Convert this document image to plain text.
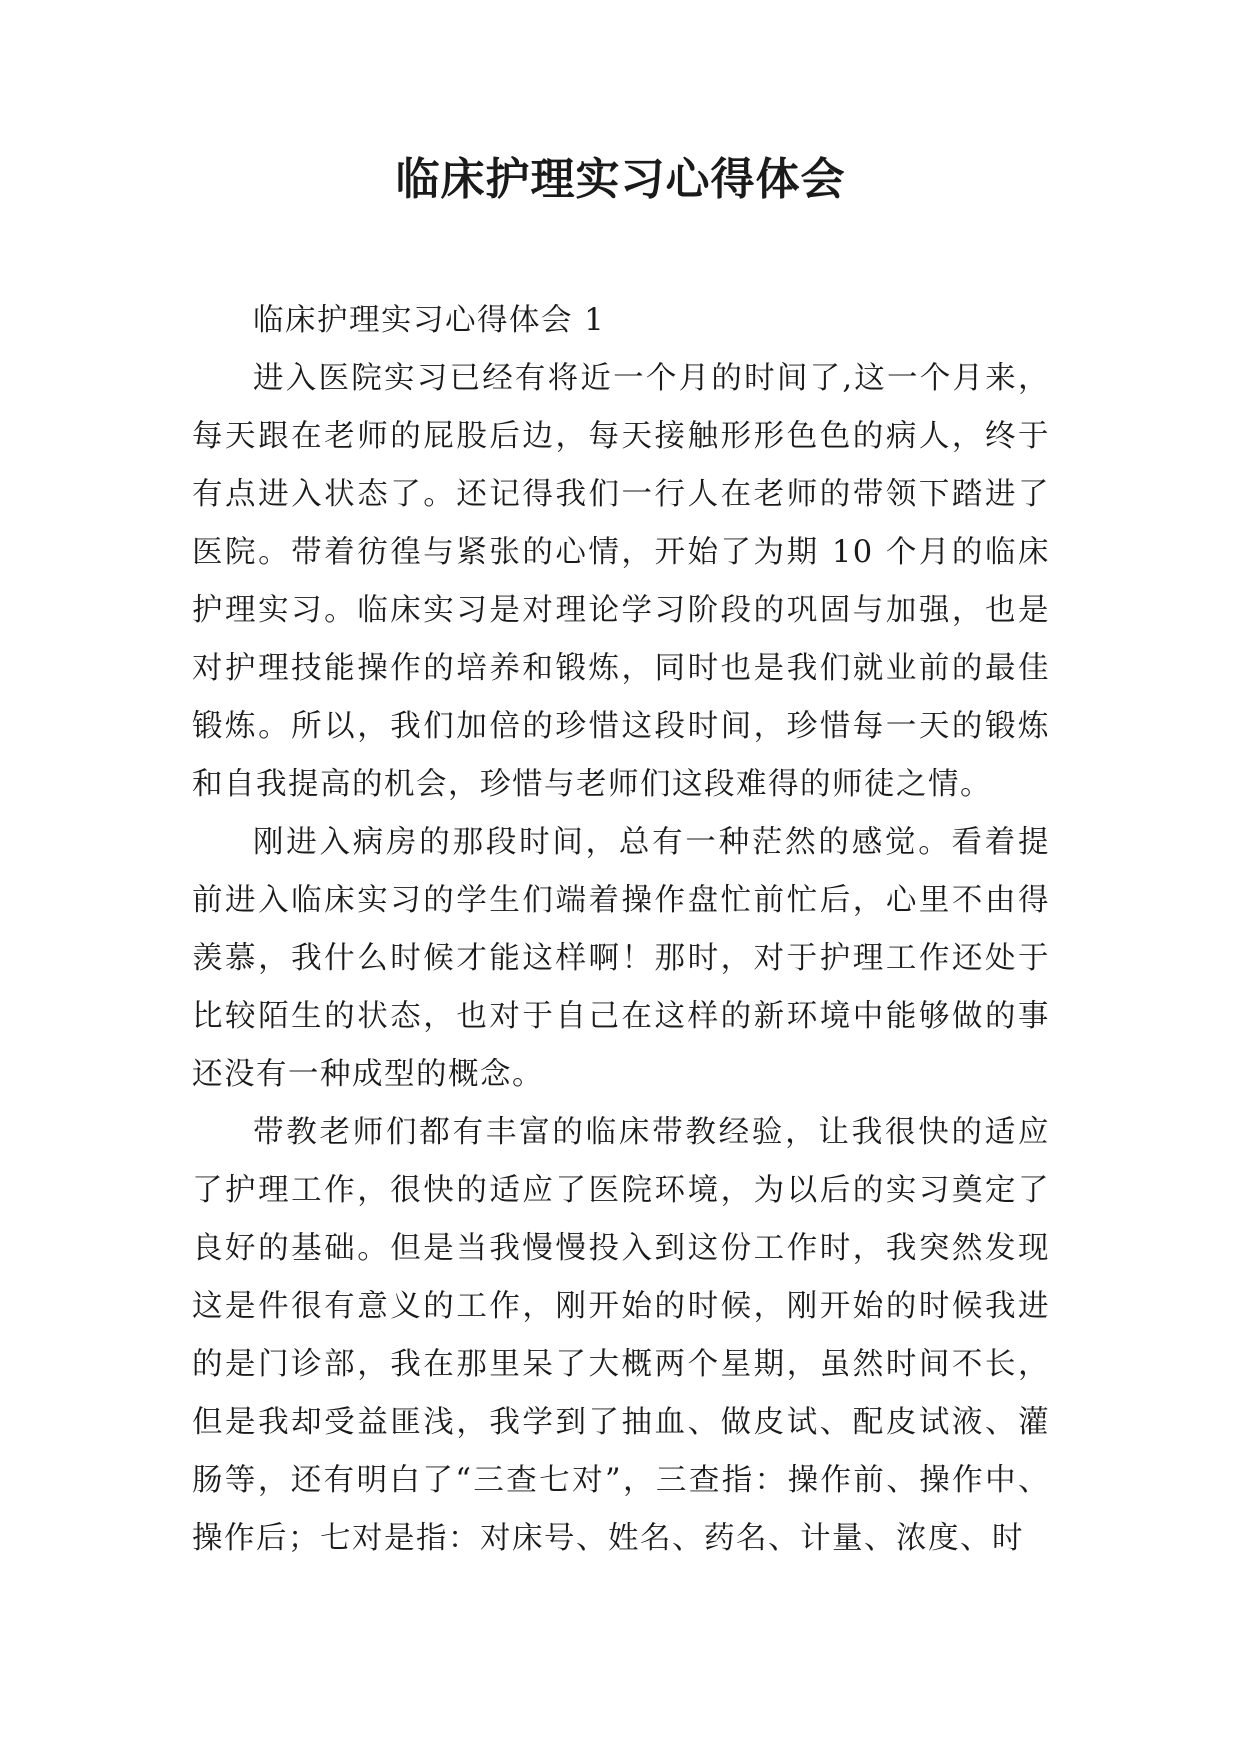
临床护理实习心得体会

临床护理实习心得体会 1

进入医院实习已经有将近一个月的时间了,这一个月来，每天跟在老师的屁股后边，每天接触形形色色的病人，终于有点进入状态了。还记得我们一行人在老师的带领下踏进了医院。带着彷徨与紧张的心情，开始了为期 10 个月的临床护理实习。临床实习是对理论学习阶段的巩固与加强，也是对护理技能操作的培养和锻炼，同时也是我们就业前的最佳锻炼。所以，我们加倍的珍惜这段时间，珍惜每一天的锻炼和自我提高的机会，珍惜与老师们这段难得的师徒之情。

刚进入病房的那段时间，总有一种茫然的感觉。看着提前进入临床实习的学生们端着操作盘忙前忙后，心里不由得羡慕，我什么时候才能这样啊！那时，对于护理工作还处于比较陌生的状态，也对于自己在这样的新环境中能够做的事还没有一种成型的概念。

带教老师们都有丰富的临床带教经验，让我很快的适应了护理工作，很快的适应了医院环境，为以后的实习奠定了良好的基础。但是当我慢慢投入到这份工作时，我突然发现这是件很有意义的工作，刚开始的时候，刚开始的时候我进的是门诊部，我在那里呆了大概两个星期，虽然时间不长，但是我却受益匪浅，我学到了抽血、做皮试、配皮试液、灌肠等，还有明白了“三查七对”，三查指：操作前、操作中、操作后；七对是指：对床号、姓名、药名、计量、浓度、时
